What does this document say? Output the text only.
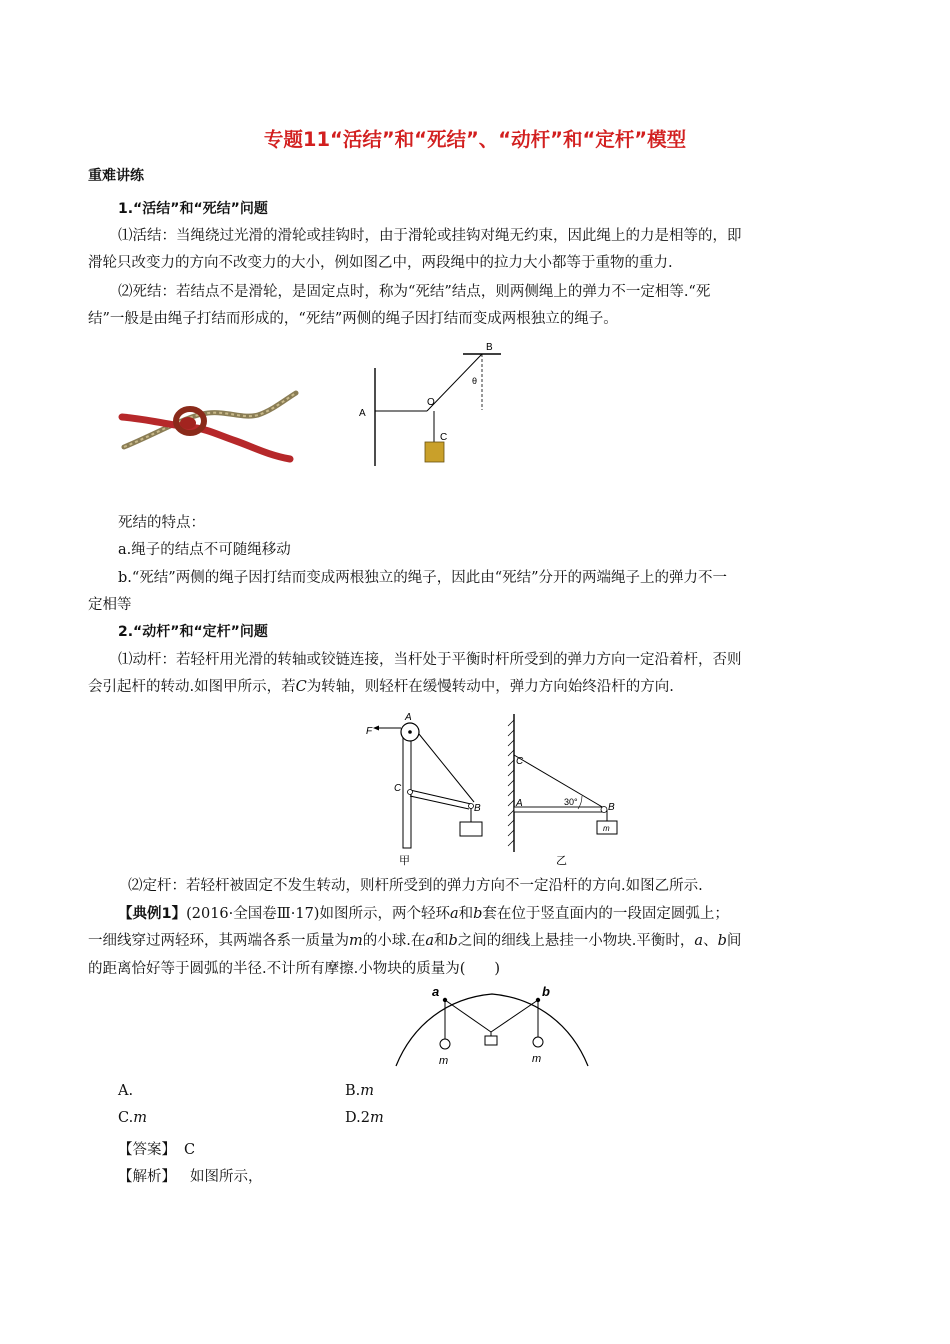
专题11“活结”和“死结”、“动杆”和“定杆”模型
重难讲练
1.“活结”和“死结”问题
⑴活结：当绳绕过光滑的滑轮或挂钩时，由于滑轮或挂钩对绳无约束，因此绳上的力是相等的，即
滑轮只改变力的方向不改变力的大小，例如图乙中，两段绳中的拉力大小都等于重物的重力.
⑵死结：若结点不是滑轮，是固定点时，称为“死结”结点，则两侧绳上的弹力不一定相等.“死
结”一般是由绳子打结而形成的，“死结”两侧的绳子因打结而变成两根独立的绳子。
A
B
O
C
θ
死结的特点：
a.绳子的结点不可随绳移动
b.“死结”两侧的绳子因打结而变成两根独立的绳子，因此由“死结”分开的两端绳子上的弹力不一
定相等
2.“动杆”和“定杆”问题
⑴动杆：若轻杆用光滑的转轴或铰链连接，当杆处于平衡时杆所受到的弹力方向一定沿着杆，否则
会引起杆的转动.如图甲所示，若C为转轴，则轻杆在缓慢转动中，弹力方向始终沿杆的方向.
F
A
C
B
甲
C
A	B
30°
m
乙
⑵定杆：若轻杆被固定不发生转动，则杆所受到的弹力方向不一定沿杆的方向.如图乙所示.
【典例1】(2016·全国卷Ⅲ·17)如图所示，两个轻环a和b套在位于竖直面内的一段固定圆弧上；
一细线穿过两轻环，其两端各系一质量为m的小球.在a和b之间的细线上悬挂一小物块.平衡时，a、b间
的距离恰好等于圆弧的半径.不计所有摩擦.小物块的质量为(　　)
a	b
m	m
A.	B.m
C.m	D.2m
【答案】 C
【解析】 如图所示，
